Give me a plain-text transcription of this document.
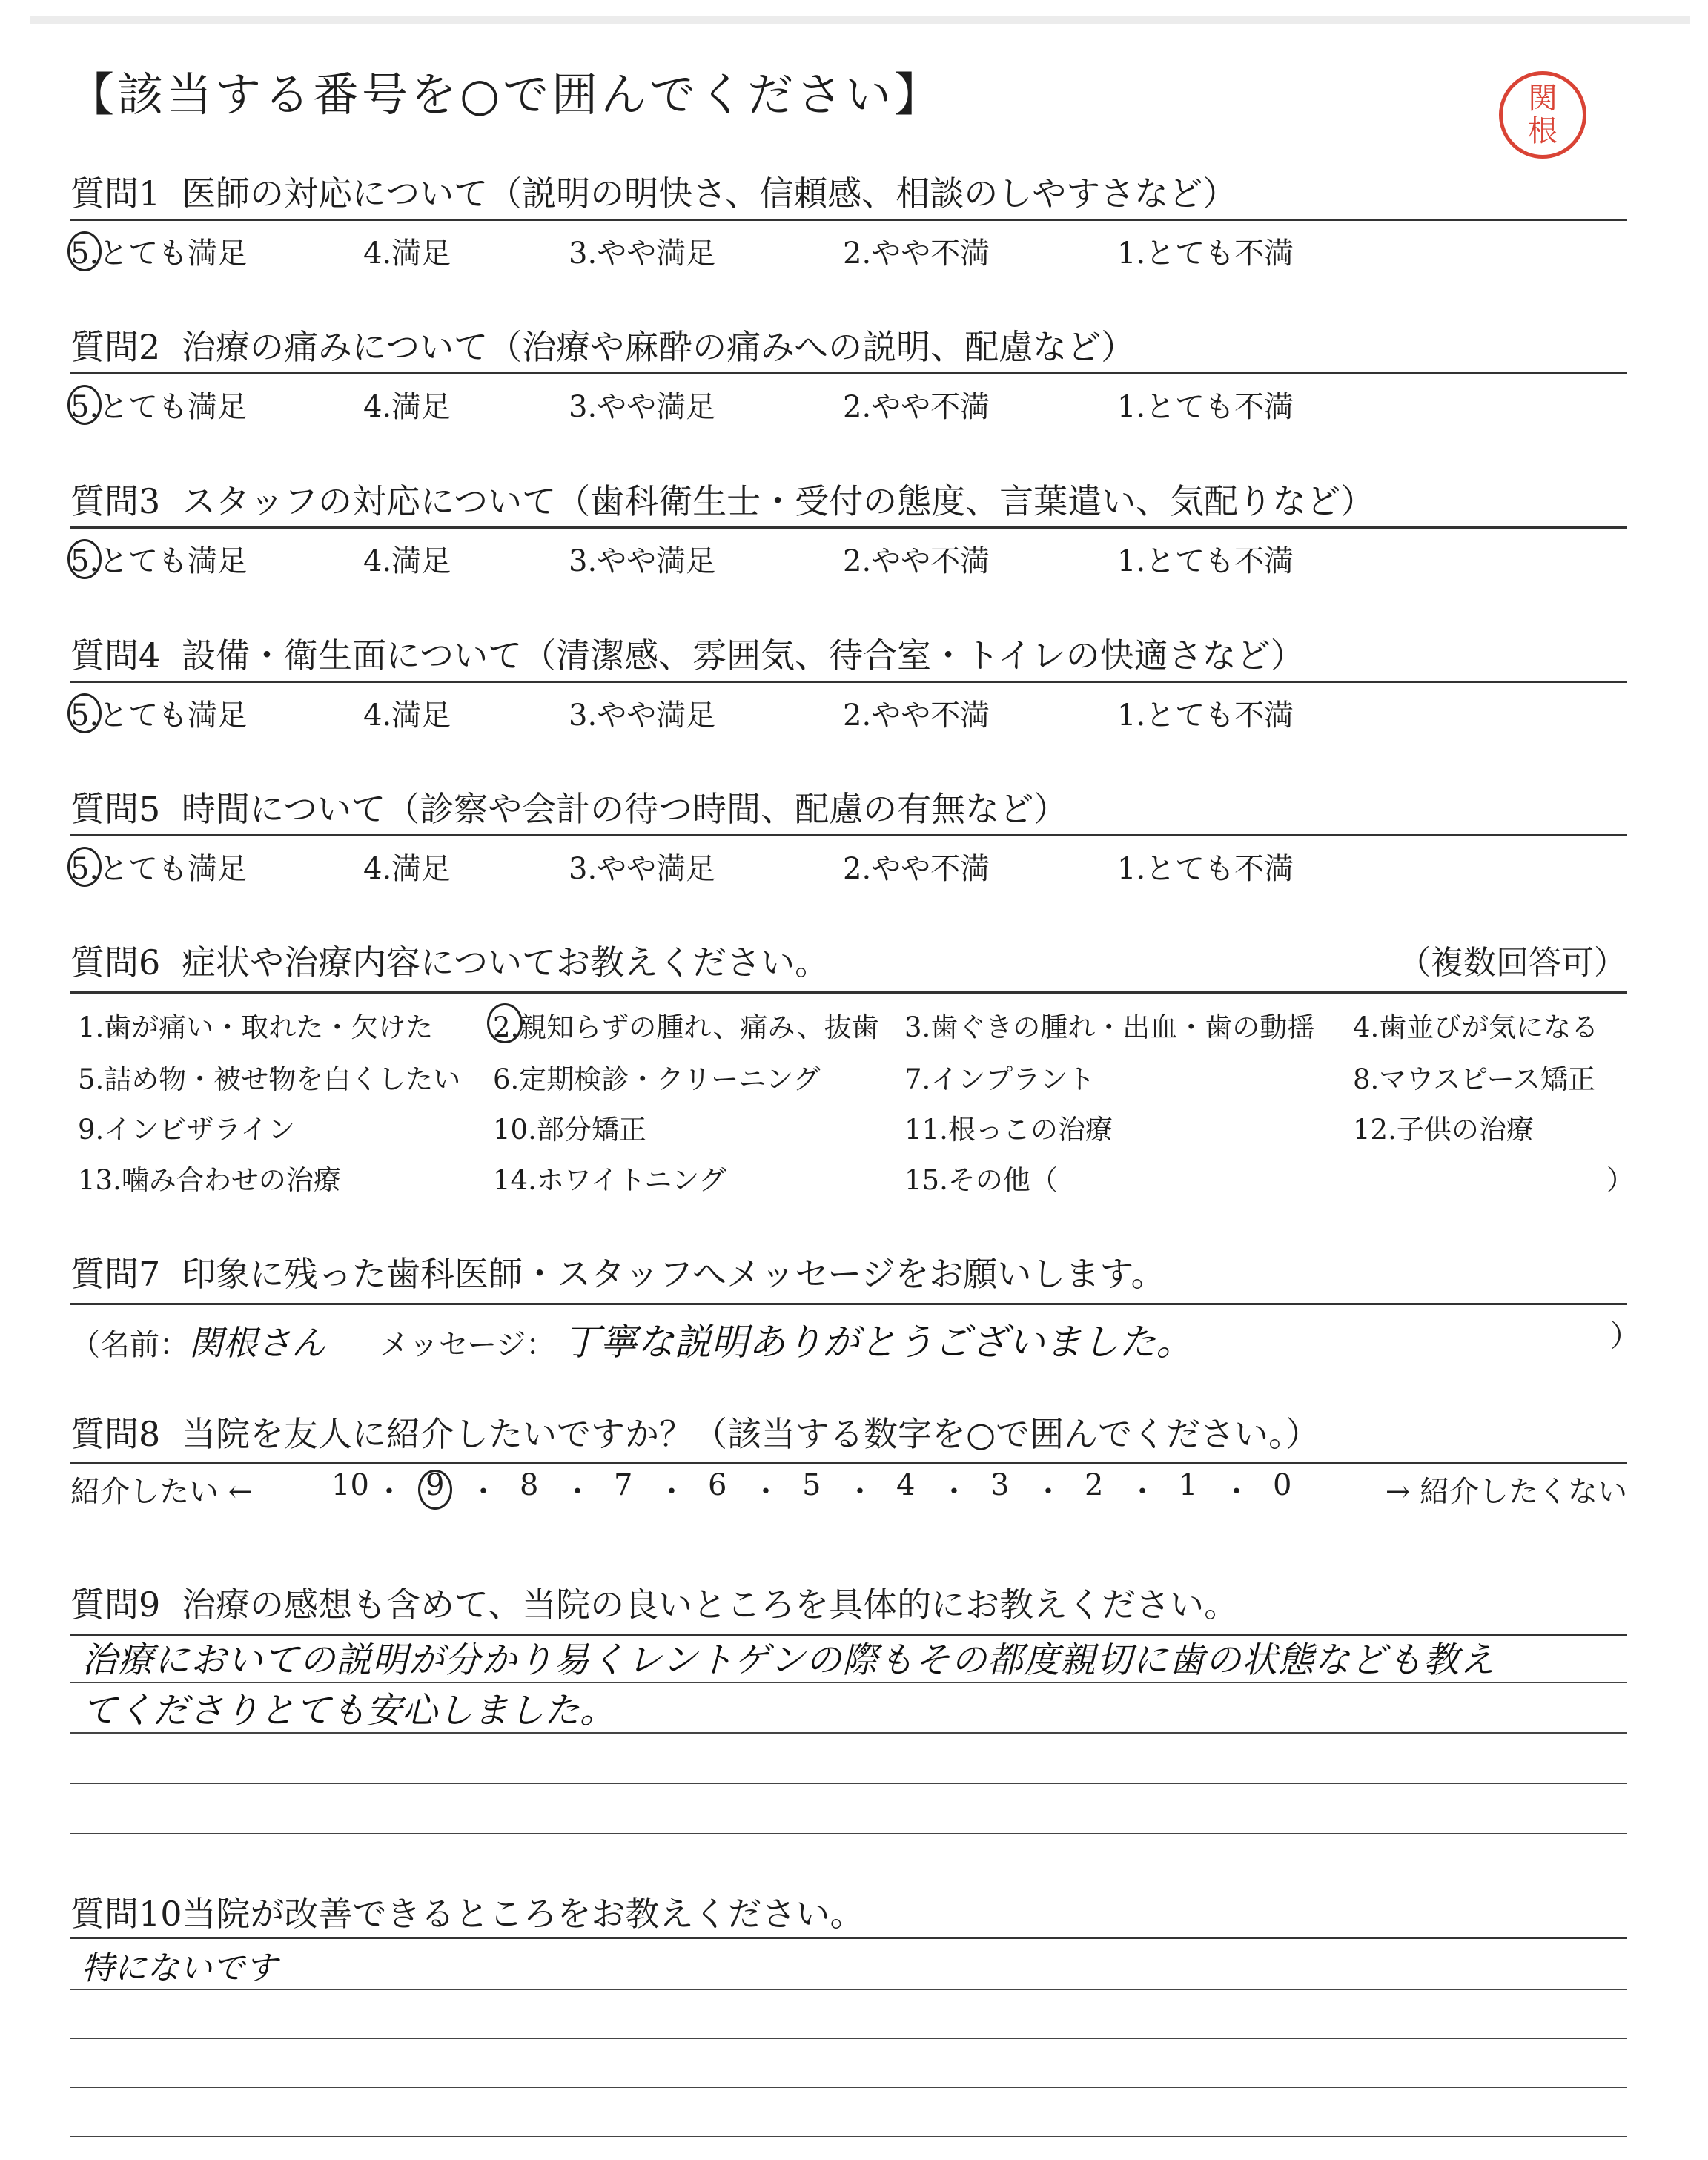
【該当する番号を○で囲んでください】	関
根
質問1 医師の対応について（説明の明快さ、信頼感、相談のしやすさなど）
5.とても満足	4.満足	3.やや満足	2.やや不満	1.とても不満
質問2 治療の痛みについて（治療や麻酔の痛みへの説明、配慮など）
5.とても満足	4.満足	3.やや満足	2.やや不満	1.とても不満
質問3 スタッフの対応について（歯科衛生士・受付の態度、言葉遣い、気配りなど）
5.とても満足	4.満足	3.やや満足	2.やや不満	1.とても不満
質問4 設備・衛生面について（清潔感、雰囲気、待合室・トイレの快適さなど）
5.とても満足	4.満足	3.やや満足	2.やや不満	1.とても不満
質問5 時間について（診察や会計の待つ時間、配慮の有無など）
5.とても満足	4.満足	3.やや満足	2.やや不満	1.とても不満
質問6 症状や治療内容についてお教えください。	（複数回答可）
1.歯が痛い・取れた・欠けた 2.親知らずの腫れ、痛み、抜歯 3.歯ぐきの腫れ・出血・歯の動揺 4.歯並びが気になる
5.詰め物・被せ物を白くしたい 6.定期検診・クリーニング	7.インプラント	8.マウスピース矯正
9.インビザライン	10.部分矯正	11.根っこの治療	12.子供の治療
13.噛み合わせの治療	14.ホワイトニング	15.その他（	）
質問7 印象に残った歯科医師・スタッフへメッセージをお願いします。
（名前：関根さん メッセージ： 丁寧な説明ありがとうございました。	）
質問8 当院を友人に紹介したいですか？（該当する数字を○で囲んでください。）
紹介したい ←	→ 紹介したくない
10 ・ 9 ・ 8 ・ 7 ・ 6 ・ 5 ・ 4 ・ 3 ・ 2 ・ 1 ・ 0
質問9 治療の感想も含めて、当院の良いところを具体的にお教えください。
治療においての説明が分かり易くレントゲンの際もその都度親切に歯の状態なども教え
てくださりとても安心しました。
質問10当院が改善できるところをお教えください。
特にないです
